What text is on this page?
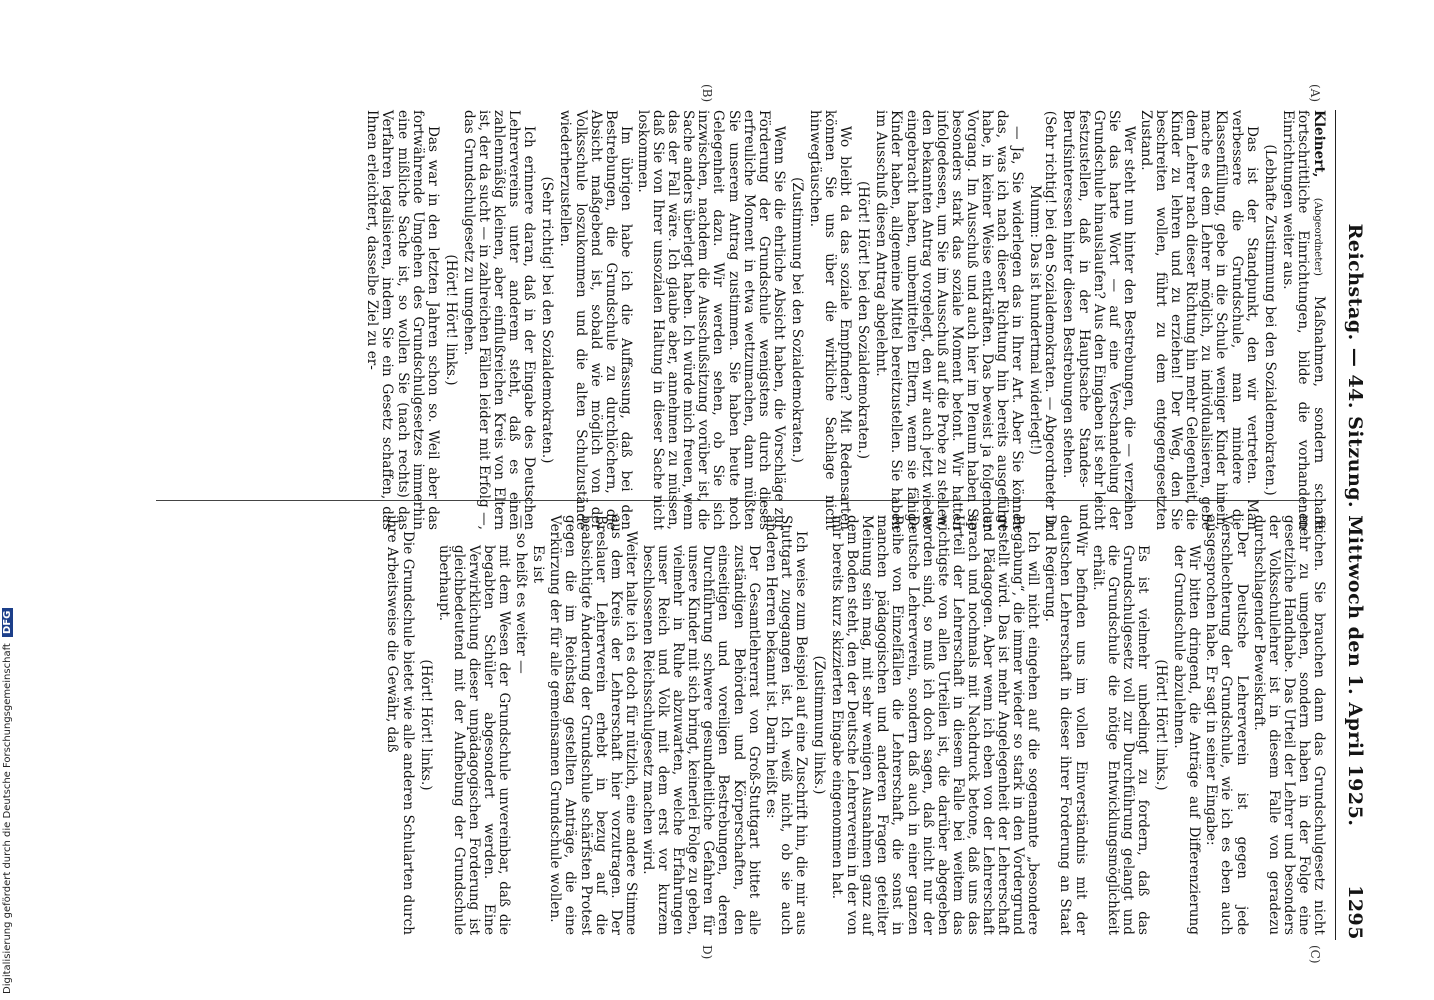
Reichstag. — 44. Sitzung. Mittwoch den 1. April 1925.
1295
(A)
(B)
(C)
D)

Kleinert, (Abgeordneter) Maßnahmen, sondern schafft fortschrittliche Einrichtungen, bilde die vorhandenen Einrichtungen weiter aus.

(Lebhafte Zustimmung bei den Sozialdemokraten.)

Das ist der Standpunkt, den wir vertreten. Man verbessere die Grundschule, man mindere die Klassenfüllung, gebe in die Schule weniger Kinder hinein, mache es dem Lehrer möglich, zu individualisieren, gebe dem Lehrer nach dieser Richtung hin mehr Gelegenheit, die Kinder zu lehren und zu erziehen! Der Weg, den Sie beschreiten wollen, führt zu dem entgegengesetzten Zustand.

Wer steht nun hinter den Bestrebungen, die — verzeihen Sie das harte Wort — auf eine Verschandelung der Grundschule hinauslaufen? Aus den Eingaben ist sehr leicht festzustellen, daß in der Hauptsache Standes- und Berufsinteressen hinter diesen Bestrebungen stehen.

(Sehr richtig! bei den Sozialdemokraten. — Abgeordneter D. Mumm: Das ist hundertmal widerlegt!)

— Ja, Sie widerlegen das in Ihrer Art. Aber Sie können das, was ich nach dieser Richtung hin bereits ausgeführt habe, in keiner Weise entkräften. Das beweist ja folgender Vorgang. Im Ausschuß und auch hier im Plenum haben Sie besonders stark das soziale Moment betont. Wir hatten infolgedessen, um Sie im Ausschuß auf die Probe zu stellen, den bekannten Antrag vorgelegt, den wir auch jetzt wieder eingebracht haben, unbemittelten Eltern, wenn sie fähige Kinder haben, allgemeine Mittel bereitzustellen. Sie haben im Ausschuß diesen Antrag abgelehnt.

(Hört! Hört! bei den Sozialdemokraten.)

Wo bleibt da das soziale Empfinden? Mit Redensarten können Sie uns über die wirkliche Sachlage nicht hinwegtäuschen.

(Zustimmung bei den Sozialdemokraten.)

Wenn Sie die ehrliche Absicht haben, die Vorschläge zur Förderung der Grundschule wenigstens durch dieses erfreuliche Moment in etwa wettzumachen, dann müßten Sie unserem Antrag zustimmen. Sie haben heute noch Gelegenheit dazu. Wir werden sehen, ob Sie sich inzwischen, nachdem die Ausschußsitzung vorüber ist, die Sache anders überlegt haben. Ich würde mich freuen, wenn das der Fall wäre. Ich glaube aber, annehmen zu müssen, daß Sie von Ihrer unsozialen Haltung in dieser Sache nicht loskommen.

Im übrigen habe ich die Auffassung, daß bei den Bestrebungen, die Grundschule zu durchlöchern, die Absicht maßgebend ist, sobald wie möglich von der Volksschule loszukommen und die alten Schulzustände wiederherzustellen.

(Sehr richtig! bei den Sozialdemokraten.)

Ich erinnere daran, daß in der Eingabe des Deutschen Lehrervereins unter anderem steht, daß es einen zahlenmäßig kleinen, aber einflußreichen Kreis von Eltern ist, der da sucht — in zahlreichen Fällen leider mit Erfolg —, das Grundschulgesetz zu umgehen.

(Hört! Hört! links.)

Das war in den letzten Jahren schon so. Weil aber das fortwährende Umgehen des Grundschulgesetzes immerhin eine mißliche Sache ist, so wollen Sie (nach rechts) das Verfahren legalisieren, indem Sie ein Gesetz schaffen, das Ihnen erleichtert, dasselbe Ziel zu er-

reichen. Sie brauchen dann das Grundschulgesetz nicht mehr zu umgehen, sondern haben in der Folge eine gesetzliche Handhabe. Das Urteil der Lehrer und besonders der Volksschullehrer ist in diesem Falle von geradezu durchschlagender Beweiskraft.

Der Deutsche Lehrerverein ist gegen jede Verschlechterung der Grundschule, wie ich es eben auch ausgesprochen habe. Er sagt in seiner Eingabe:

Wir bitten dringend, die Anträge auf Differenzierung der Grundschule abzulehnen.

(Hört! Hört! links.)

Es ist vielmehr unbedingt zu fordern, daß das Grundschulgesetz voll zur Durchführung gelangt und die Grundschule die nötige Entwicklungsmöglichkeit erhält.

Wir befinden uns im vollen Einverständnis mit der deutschen Lehrerschaft in dieser ihrer Forderung an Staat und Regierung.

Ich will nicht eingehen auf die sogenannte „besondere Begabung“, die immer wieder so stark in den Vordergrund gestellt wird. Das ist mehr Angelegenheit der Lehrerschaft und Pädagogen. Aber wenn ich eben von der Lehrerschaft sprach und nochmals mit Nachdruck betone, daß uns das Urteil der Lehrerschaft in diesem Falle bei weitem das wichtigste von allen Urteilen ist, die darüber abgegeben worden sind, so muß ich doch sagen, daß nicht nur der Deutsche Lehrerverein, sondern daß auch in einer ganzen Reihe von Einzelfällen die Lehrerschaft, die sonst in manchen pädagogischen und anderen Fragen geteilter Meinung sein mag, mit sehr wenigen Ausnahmen ganz auf dem Boden steht, den der Deutsche Lehrerverein in der von mir bereits kurz skizzierten Eingabe eingenommen hat.

(Zustimmung links.)

Ich weise zum Beispiel auf eine Zuschrift hin, die mir aus Stuttgart zugegangen ist. Ich weiß nicht, ob sie auch anderen Herren bekannt ist. Darin heißt es:

Der Gesamtlehrerrat von Groß-Stuttgart bittet alle zuständigen Behörden und Körperschaften, den einseitigen und voreiligen Bestrebungen, deren Durchführung schwere gesundheitliche Gefahren für unsere Kinder mit sich bringt, keinerlei Folge zu geben, vielmehr in Ruhe abzuwarten, welche Erfahrungen unser Reich und Volk mit dem erst vor kurzem beschlossenen Reichsschulgesetz machen wird.

Weiter halte ich es doch für nützlich, eine andere Stimme aus dem Kreis der Lehrerschaft hier vorzutragen. Der Breslauer Lehrerverein erhebt in bezug auf die beabsichtigte Änderung der Grundschule schärfsten Protest gegen die im Reichstag gestellten Anträge, die eine Verkürzung der für alle gemeinsamen Grundschule wollen.

Es ist

— so heißt es weiter —

mit dem Wesen der Grundschule unvereinbar, daß die begabten Schüler abgesondert werden. Eine Verwirklichung dieser unpädagogischen Forderung ist gleichbedeutend mit der Aufhebung der Grundschule überhaupt.

(Hört! Hört! links.)

Die Grundschule bietet wie alle anderen Schularten durch ihre Arbeitsweise die Gewähr, daß

Digitalisierung gefördert durch die Deutsche Forschungsgemeinschaft DFG
